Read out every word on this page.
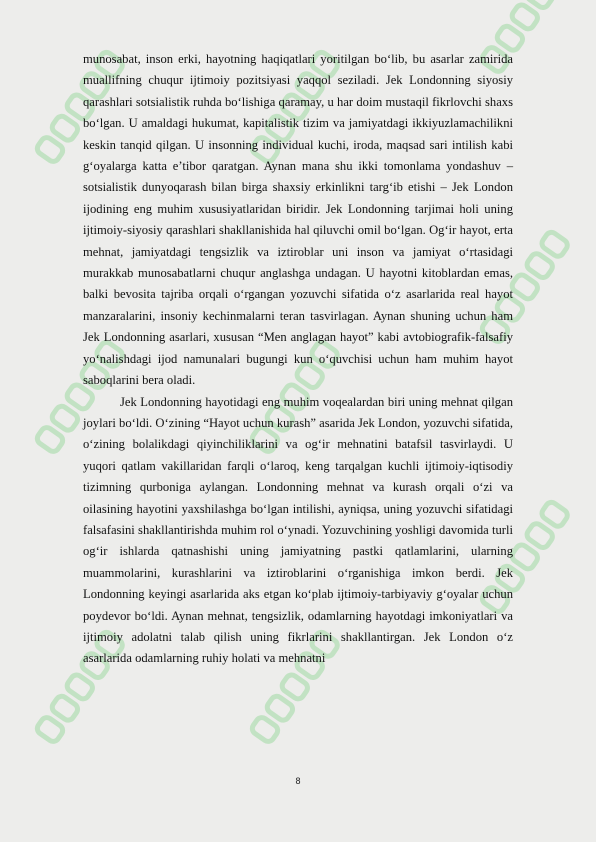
munosabat, inson erki, hayotning haqiqatlari yoritilgan bo‘lib, bu asarlar zamirida muallifning chuqur ijtimoiy pozitsiyasi yaqqol seziladi. Jek Londonning siyosiy qarashlari sotsialistik ruhda bo‘lishiga qaramay, u har doim mustaqil fikrlovchi shaxs bo‘lgan. U amaldagi hukumat, kapitalistik tizim va jamiyatdagi ikkiyuzlamachilikni keskin tanqid qilgan. U insonning individual kuchi, iroda, maqsad sari intilish kabi g‘oyalarga katta e’tibor qaratgan. Aynan mana shu ikki tomonlama yondashuv – sotsialistik dunyoqarash bilan birga shaxsiy erkinlikni targ‘ib etishi – Jek London ijodining eng muhim xususiyatlaridan biridir. Jek Londonning tarjimai holi uning ijtimoiy-siyosiy qarashlari shakllanishida hal qiluvchi omil bo‘lgan. Og‘ir hayot, erta mehnat, jamiyatdagi tengsizlik va iztiroblar uni inson va jamiyat o‘rtasidagi murakkab munosabatlarni chuqur anglashga undagan. U hayotni kitoblardan emas, balki bevosita tajriba orqali o‘rgangan yozuvchi sifatida o‘z asarlarida real hayot manzaralarini, insoniy kechinmalarni teran tasvirlagan. Aynan shuning uchun ham Jek Londonning asarlari, xususan “Men anglagan hayot” kabi avtobiografik-falsafiy yo‘nalishdagi ijod namunalari bugungi kun o‘quvchisi uchun ham muhim hayot saboqlarini bera oladi.

Jek Londonning hayotidagi eng muhim voqealardan biri uning mehnat qilgan joylari bo‘ldi. O‘zining “Hayot uchun kurash” asarida Jek London, yozuvchi sifatida, o‘zining bolalikdagi qiyinchiliklarini va og‘ir mehnatini batafsil tasvirlaydi. U yuqori qatlam vakillaridan farqli o‘laroq, keng tarqalgan kuchli ijtimoiy-iqtisodiy tizimning qurboniga aylangan. Londonning mehnat va kurash orqali o‘zi va oilasining hayotini yaxshilashga bo‘lgan intilishi, ayniqsa, uning yozuvchi sifatidagi falsafasini shakllantirishda muhim rol o‘ynadi. Yozuvchining yoshligi davomida turli og‘ir ishlarda qatnashishi uning jamiyatning pastki qatlamlarini, ularning muammolarini, kurashlarini va iztiroblarini o‘rganishiga imkon berdi. Jek Londonning keyingi asarlarida aks etgan ko‘plab ijtimoiy-tarbiyaviy g‘oyalar uchun poydevor bo‘ldi. Aynan mehnat, tengsizlik, odamlarning hayotdagi imkoniyatlari va ijtimoiy adolatni talab qilish uning fikrlarini shakllantirgan. Jek London o‘z asarlarida odamlarning ruhiy holati va mehnatni

8
